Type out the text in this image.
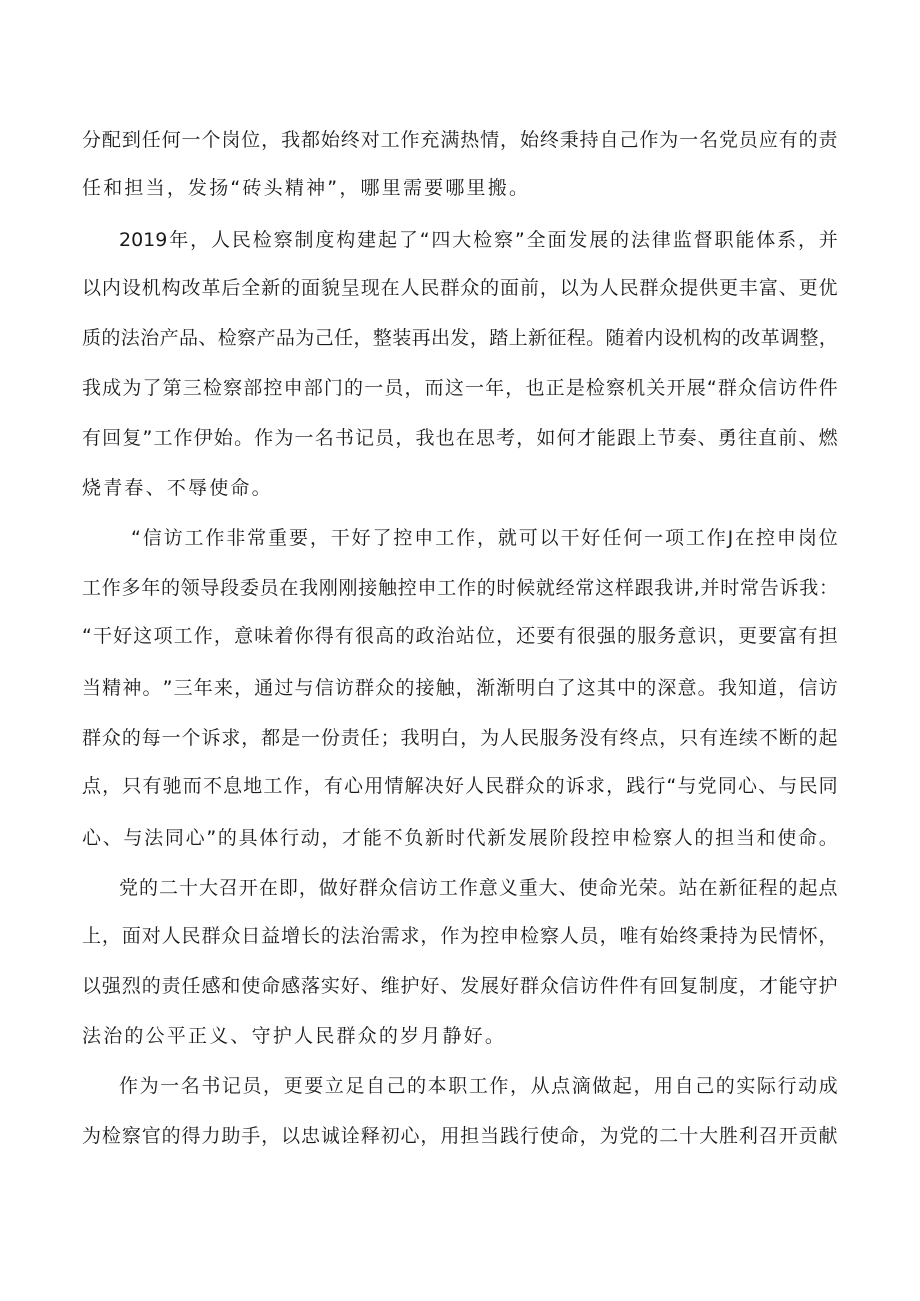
分 配 到 任 何 一 个 岗 位 ， 我 都 始 终 对 工 作 充 满 热 情 ， 始 终 秉 持 自 己 作 为 一 名 党 员 应 有 的 责
任 和 担 当 ， 发 扬 “ 砖 头 精 神 ” ， 哪 里 需 要 哪 里 搬 。
2019 年 ， 人 民 检 察 制 度 构 建 起 了 “ 四 大 检 察 ” 全 面 发 展 的 法 律 监 督 职 能 体 系 ， 并
以 内 设 机 构 改 革 后 全 新 的 面 貌 呈 现 在 人 民 群 众 的 面 前 ， 以 为 人 民 群 众 提 供 更 丰 富 、 更 优
质 的 法 治 产 品 、 检 察 产 品 为 己 任 ， 整 装 再 出 发 ， 踏 上 新 征 程 。 随 着 内 设 机 构 的 改 革 调 整 ，
我 成 为 了 第 三 检 察 部 控 申 部 门 的 一 员 ， 而 这 一 年 ， 也 正 是 检 察 机 关 开 展 “ 群 众 信 访 件 件
有 回 复 ” 工 作 伊 始 。 作 为 一 名 书 记 员 ， 我 也 在 思 考 ， 如 何 才 能 跟 上 节 奏 、 勇 往 直 前 、 燃
烧 青 春 、 不 辱 使 命 。
“ 信 访 工 作 非 常 重 要 ， 干 好 了 控 申 工 作 ， 就 可 以 干 好 任 何 一 项 工 作 J 在 控 申 岗 位
工 作 多 年 的 领 导 段 委 员 在 我 刚 刚 接 触 控 申 工 作 的 时 候 就 经 常 这 样 跟 我 讲 , 并 时 常 告 诉 我 ：
“ 干 好 这 项 工 作 ， 意 味 着 你 得 有 很 高 的 政 治 站 位 ， 还 要 有 很 强 的 服 务 意 识 ， 更 要 富 有 担
当 精 神 。 ” 三 年 来 ， 通 过 与 信 访 群 众 的 接 触 ， 渐 渐 明 白 了 这 其 中 的 深 意 。 我 知 道 ， 信 访
群 众 的 每 一 个 诉 求 ， 都 是 一 份 责 任 ； 我 明 白 ， 为 人 民 服 务 没 有 终 点 ， 只 有 连 续 不 断 的 起
点 ， 只 有 驰 而 不 息 地 工 作 ， 有 心 用 情 解 决 好 人 民 群 众 的 诉 求 ， 践 行 “ 与 党 同 心 、 与 民 同
心 、 与 法 同 心 ” 的 具 体 行 动 ， 才 能 不 负 新 时 代 新 发 展 阶 段 控 申 检 察 人 的 担 当 和 使 命 。
党 的 二 十 大 召 开 在 即 ， 做 好 群 众 信 访 工 作 意 义 重 大 、 使 命 光 荣 。 站 在 新 征 程 的 起 点
上 ， 面 对 人 民 群 众 日 益 增 长 的 法 治 需 求 ， 作 为 控 申 检 察 人 员 ， 唯 有 始 终 秉 持 为 民 情 怀 ，
以 强 烈 的 责 任 感 和 使 命 感 落 实 好 、 维 护 好 、 发 展 好 群 众 信 访 件 件 有 回 复 制 度 ， 才 能 守 护
法 治 的 公 平 正 义 、 守 护 人 民 群 众 的 岁 月 静 好 。
作 为 一 名 书 记 员 ， 更 要 立 足 自 己 的 本 职 工 作 ， 从 点 滴 做 起 ， 用 自 己 的 实 际 行 动 成
为 检 察 官 的 得 力 助 手 ， 以 忠 诚 诠 释 初 心 ， 用 担 当 践 行 使 命 ， 为 党 的 二 十 大 胜 利 召 开 贡 献
